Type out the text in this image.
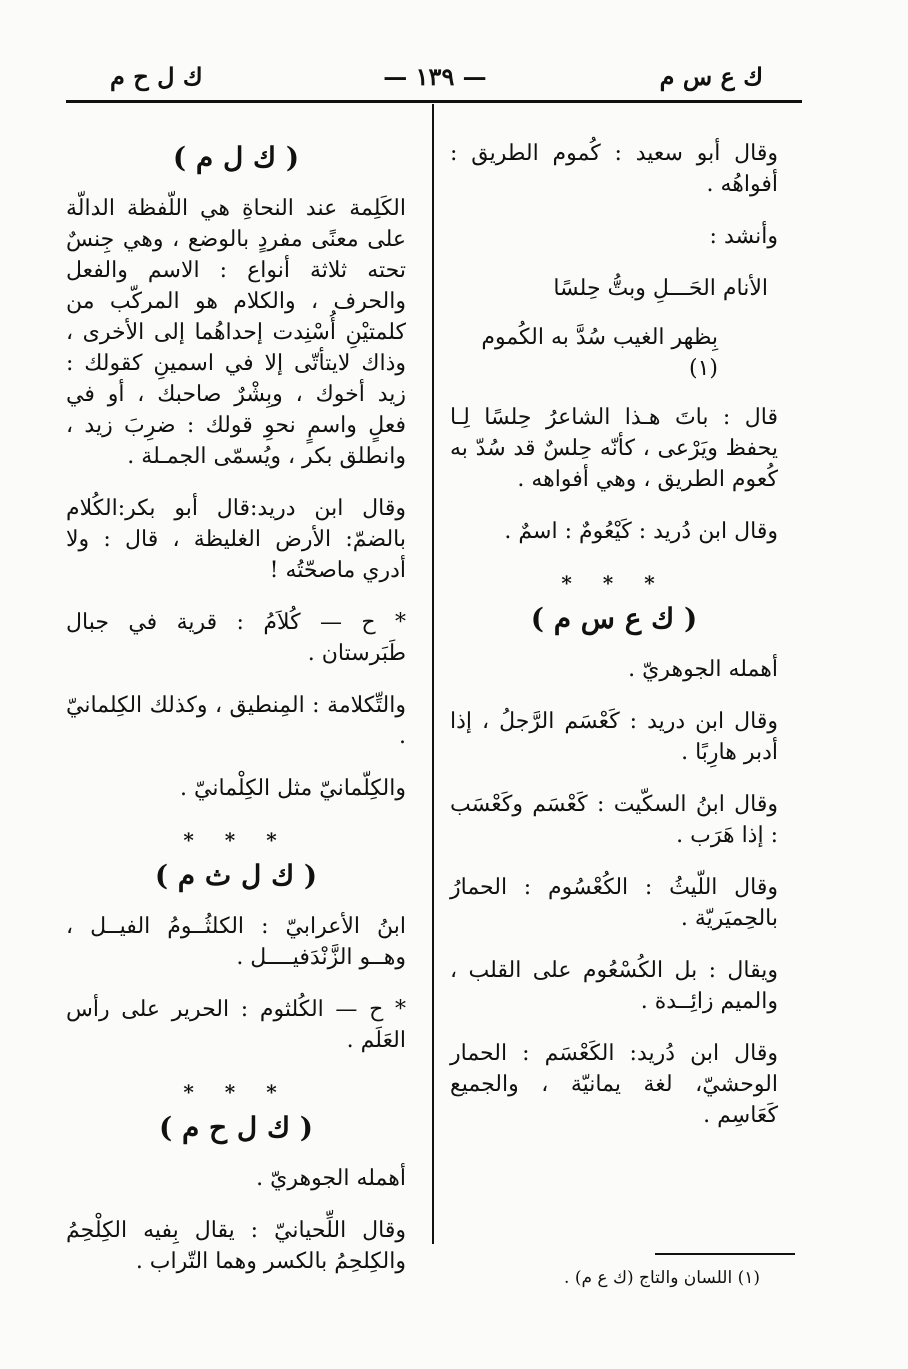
ك ع س م
— ١٣٩ —
ك ل ح م

وقال أبو سعيد : كُموم الطريق : أفواهُه .

وأنشد :

الأنام الحَـــلِ وبتُّ حِلسًا

بِظهر الغيب سُدَّ به الكُموم (١)

قال : باتَ هـذا الشاعرُ حِلسًا لِـا يحفظ ويَرْعى ، كأنّه حِلسٌ قد سُدّ به كُعوم الطريق ، وهي أفواهه .

وقال ابن دُريد : كَيْعُومٌ : اسمٌ .

* * *
( ك ع س م )

أهمله الجوهريّ .

وقال ابن دريد : كَعْسَم الرَّجلُ ، إذا أدبر هارِبًا .

وقال ابنُ السكّيت : كَعْسَم وكَعْسَب : إذا هَرَب .

وقال اللّيثُ : الكُعْسُوم : الحمارُ بالحِميَريّة .

ويقال : بل الكُسْعُوم على القلب ، والميم زائِــدة .

وقال ابن دُريد: الكَعْسَم : الحمار الوحشيّ، لغة يمانيّة ، والجميع كَعَاسِم .

( ك ل م )

الكَلِمة عند النحاةِ هي اللّفظة الدالّة على معنًى مفردٍ بالوضع ، وهي جِنسٌ تحته ثلاثة أنواع : الاسم والفعل والحرف ، والكلام هو المركّب من كلمتيْنِ أُسْنِدت إحداهُما إلى الأخرى ، وذاك لايتأتّى إلا في اسمينِ كقولك : زيد أخوك ، وبِشْرٌ صاحبك ، أو في فعلٍ واسمٍ نحوِ قولك : ضرِبَ زيد ، وانطلق بكر ، ويُسمّى الجمـلة .

وقال ابن دريد:قال أبو بكر:الكُلام بالضمّ: الأرض الغليظة ، قال : ولا أدري ماصحّتُه !

* ح — كُلاَمُ : قرية في جبال طَبَرستان .

والتِّكلامة : المِنطيق ، وكذلك الكِلمانيّ .

والكِلّمانيّ مثل الكِلْمانيّ .

* * *
( ك ل ث م )

ابنُ الأعرابيّ : الكلثُــومُ الفيــل ، وهــو الزَّنْدَفيــــل .

* ح — الكُلثوم : الحرير على رأس العَلَم .

* * *
( ك ل ح م )

أهمله الجوهريّ .

وقال اللِّحيانيّ : يقال بِفيه الكِلْحِمُ والكِلحِمُ بالكسر وهما التّراب .

(١) اللسان والتاج (ك ع م) .
